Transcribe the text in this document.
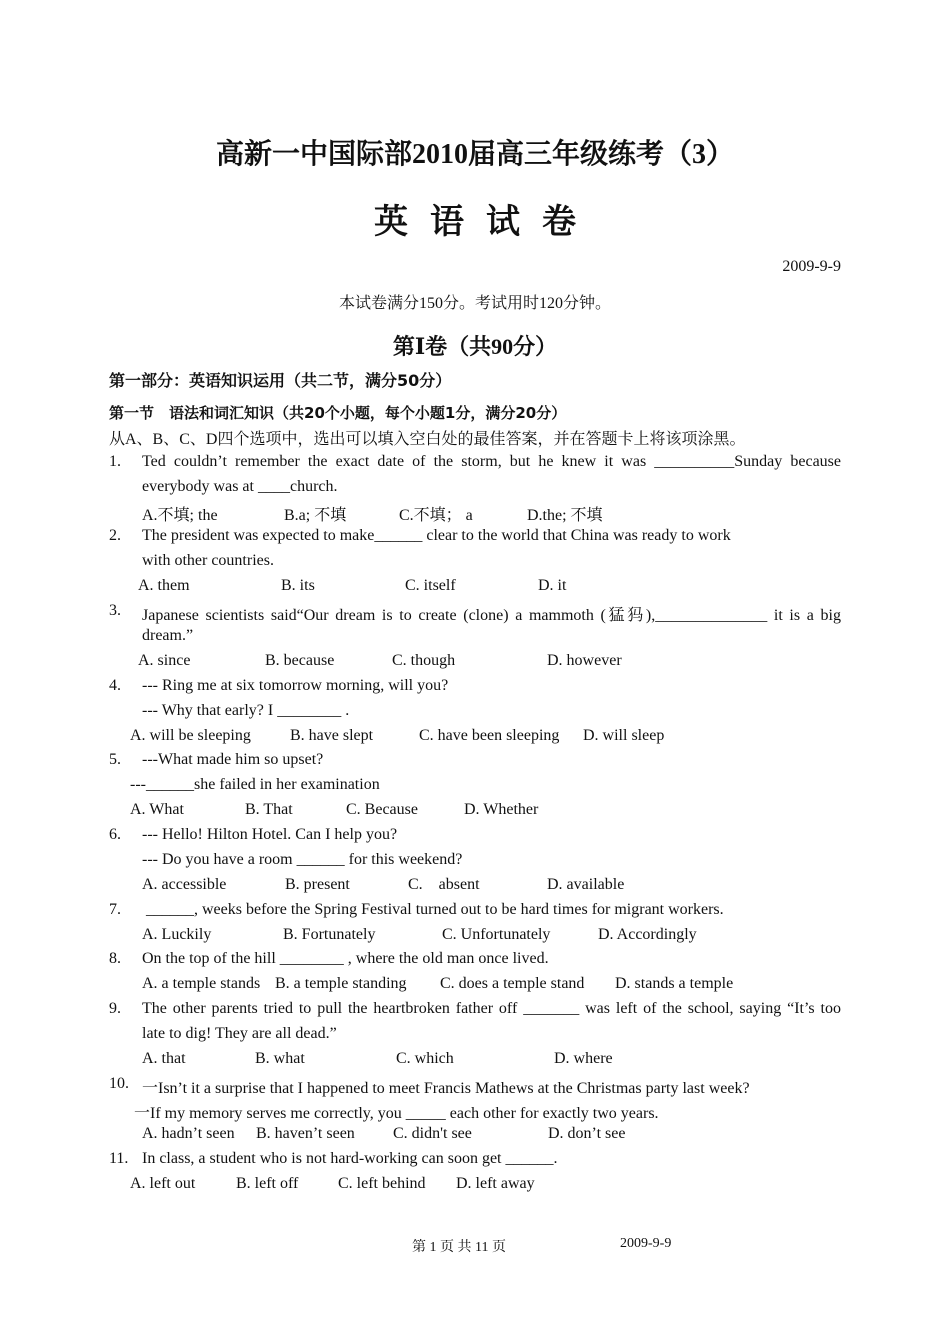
高新一中国际部2010届高三年级练考（3）
英语试卷
2009-9-9
本试卷满分150分。考试用时120分钟。
第Ⅰ卷（共90分）
第一部分：英语知识运用（共二节，满分50分）
第一节　语法和词汇知识（共20个小题，每个小题1分，满分20分）
从A、B、C、D四个选项中，选出可以填入空白处的最佳答案，并在答题卡上将该项涂黑。
1. Ted couldn’t remember the exact date of the storm, but he knew it was __________Sunday because
everybody was at ____church.
A.不填; the	B.a; 不填	C.不填； a	D.the; 不填
2. The president was expected to make______ clear to the world that China was ready to work
with other countries.
A. them	B. its	C. itself	D. it
3. Japanese scientists said“Our dream is to create (clone) a mammoth (猛犸),______________ it is a big
dream.”
A. since	B. because	C. though	D. however
4. --- Ring me at six tomorrow morning, will you?
--- Why that early? I ________ .
A. will be sleeping B. have slept	C. have been sleeping D. will sleep
5. ---What made him so upset?
---______she failed in her examination
A. What	B. That	C. Because	D. Whether
6. --- Hello! Hilton Hotel. Can I help you?
--- Do you have a room ______ for this weekend?
A. accessible	B. present	C.    absent	D. available
7. ______, weeks before the Spring Festival turned out to be hard times for migrant workers.
A. Luckily	B. Fortunately	C. Unfortunately	D. Accordingly
8. On the top of the hill ________ , where the old man once lived.
A. a temple stands B. a temple standing C. does a temple stand D. stands a temple
9. The other parents tried to pull the heartbroken father off _______ was left of the school, saying “It’s too
late to dig! They are all dead.”
A. that	B. what	C. which	D. where
10. 一Isn’t it a surprise that I happened to meet Francis Mathews at the Christmas party last week?
一If my memory serves me correctly, you _____ each other for exactly two years.
A. hadn’t seen B. haven’t seen C. didn't see	D. don’t see
11. In class, a student who is not hard-working can soon get ______.
A. left out	B. left off C. left behind D. left away
第 1 页 共 11 页	2009-9-9
